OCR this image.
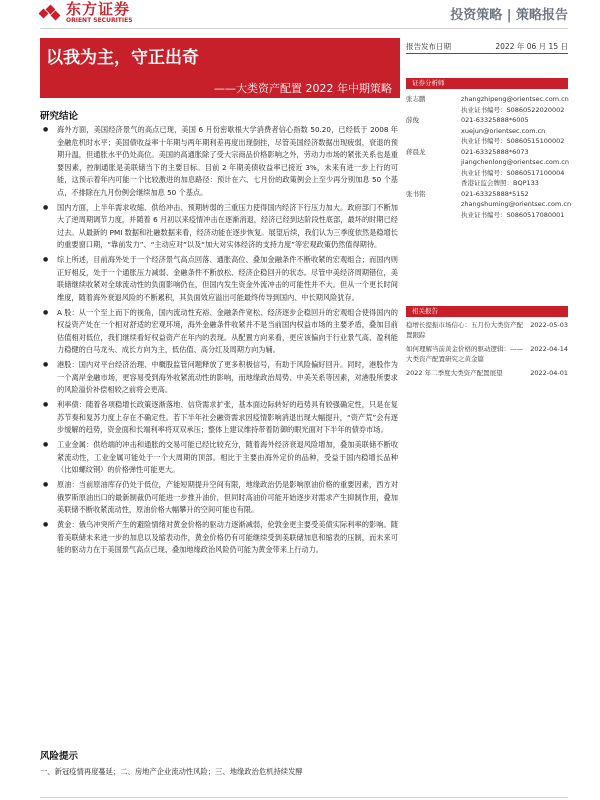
东方证券
ORIENT SECURITIES	投资策略 | 策略报告
以我为主，守正出奇
——大类资产配置 2022 年中期策略
报告发布日期	2022 年 06 月 15 日
证券分析师
张志鹏	zhangzhipeng@orientsec.com.cn
执业证书编号：S0860522020002
薛俊	021-63325888*6005
xuejun@orientsec.com.cn
执业证书编号：S0860515100002
蒋晨龙	021-63325888*6073
jiangchenlong@orientsec.com.cn
执业证书编号：S0860517100004
香港证监会牌照：BQP133
张书铭	021-63325888*5152
zhangshuming@orientsec.com.cn
执业证书编号：S0860517080001
相关报告
稳增长提振市场信心：五月份大类资产配置跟踪
2022-05-03
如何理解当前黄金价格的驱动逻辑：——大类资产配置研究之黄金篇
2022-04-14
2022 年二季度大类资产配置展望	2022-04-01
研究结论
● 海外方面，美国经济景气的高点已现，美国 6 月份密歇根大学消费者信心指数 50.20，已经低于 2008 年金融危机时水平；美国债收益率十年期与两年期利差再度出现倒挂，尽管美国经济数据出现疲弱，衰退的预期升温，但通胀水平仍处高位。美国的高通胀除了受大宗商品价格影响之外，劳动力市场的紧张关系也是重要因素，控制通胀是美联储当下的主要目标。目前 2 年期美债收益率已接近 3%，未来有进一步上行的可能，这预示着年内可能一个比较激进的加息路径：预计在六、七月份的政策例会上至少再分别加息 50 个基点，不排除在九月份例会继续加息 50 个基点。
● 国内方面，上半年需求收缩、供给冲击、预期转弱的三重压力使得国内经济下行压力加大。政府部门不断加大了逆周期调节力度，并随着 6 月初以来疫情冲击在逐渐消退，经济已经到达阶段性底部，最坏的时期已经过去。从最新的 PMI 数据和社融数据来看，经济动能在逐步恢复。展望后续，我们认为三季度依然是稳增长的重要窗口期，“靠前发力”、“主动应对”以及“加大对实体经济的支持力度”等宏观政策仍然值得期待。
● 综上所述，目前海外处于一个经济景气高点回落、通胀高位、叠加金融条件不断收紧的宏观组合；而国内则正好相反，处于一个通胀压力减弱、金融条件不断放松、经济企稳回升的状态。尽管中美经济周期错位，美联储继续收紧对全球流动性的负面影响仍在，但国内发生资金外流冲击的可能性并不大。但从一个更长时间维度，随着海外衰退风险的不断累积，其负面效应溢出可能最终传导到国内、中长期风险犹存。
● A 股：从一个至上而下的视角，国内流动性充裕、金融条件宽松、经济逐步企稳回升的宏观组合使得国内的权益资产处在一个相对舒适的宏观环境，海外金融条件收紧并不是当前国内权益市场的主要矛盾，叠加目前估值相对低位，我们继续看好权益资产在年内的表现。从配置方向来看，更应该偏向于行业景气高、盈利能力稳健的白马龙头、成长方向为主，低估值、高分红及周期方向为辅。
● 港股：国内对平台经济治理、中概股监管问题释放了更多积极信号，有助于风险偏好回升。同时，港股作为一个离岸金融市场，更容易受到海外收紧流动性的影响，而地缘政治局势、中美关系等因素，对港股所要求的风险溢价补偿相较之前将会更高。
● 利率债：随着各项稳增长政策逐渐落地、信贷需求扩张，基本面边际转好的趋势具有较强确定性，只是在复苏节奏和复苏力度上存在不确定性。若下半年社会融资需求因疫情影响消退出现大幅提升，“资产荒”会有逐步缓解的趋势，资金面和长端利率将双双承压；整体上建议维持带着防御的眼光面对下半年的债券市场。
● 工业金属：供给端的冲击和通胀的交易可能已经比较充分，随着海外经济衰退风险增加，叠加美联储不断收紧流动性，工业金属可能处于一个大周期的顶部。相比于主要由海外定价的品种，受益于国内稳增长品种（比如螺纹钢）的价格弹性可能更大。
● 原油：当前原油库存仍处于低位，产能短期提升空间有限，地缘政治仍是影响原油价格的重要因素，西方对俄罗斯原油出口的最新制裁仍可能进一步推升油价，但同时高油价可能开始逐步对需求产生抑制作用，叠加美联储不断收紧流动性，原油价格大幅攀升的空间可能也有限。
● 黄金：俄乌冲突所产生的避险情绪对黄金价格的驱动力逐渐减弱，伦敦金更主要受美债实际利率的影响。随着美联储未来进一步的加息以及缩表动作，黄金价格仍有可能继续受到美联储加息和缩表的压制，而未来可能的驱动力在于美国景气高点已现、叠加地缘政治风险仍可能为黄金带来上行动力。
风险提示
一、新冠疫情再度蔓延；二、房地产企业流动性风险；三、地缘政治危机持续发酵
